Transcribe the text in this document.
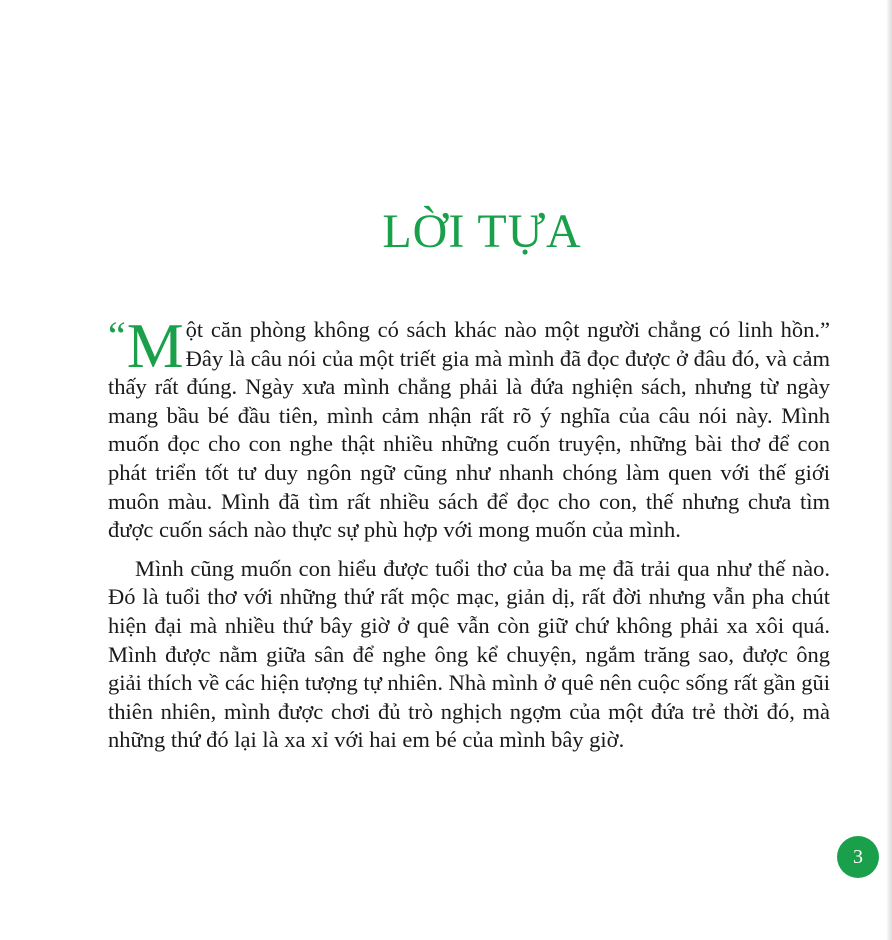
LỜI TỰA

“M ột căn phòng không có sách khác nào một người chẳng có linh hồn.” Đây là câu nói của một triết gia mà mình đã đọc được ở đâu đó, và cảm thấy rất đúng. Ngày xưa mình chẳng phải là đứa nghiện sách, nhưng từ ngày mang bầu bé đầu tiên, mình cảm nhận rất rõ ý nghĩa của câu nói này. Mình muốn đọc cho con nghe thật nhiều những cuốn truyện, những bài thơ để con phát triển tốt tư duy ngôn ngữ cũng như nhanh chóng làm quen với thế giới muôn màu. Mình đã tìm rất nhiều sách để đọc cho con, thế nhưng chưa tìm được cuốn sách nào thực sự phù hợp với mong muốn của mình.

Mình cũng muốn con hiểu được tuổi thơ của ba mẹ đã trải qua như thế nào. Đó là tuổi thơ với những thứ rất mộc mạc, giản dị, rất đời nhưng vẫn pha chút hiện đại mà nhiều thứ bây giờ ở quê vẫn còn giữ chứ không phải xa xôi quá. Mình được nằm giữa sân để nghe ông kể chuyện, ngắm trăng sao, được ông giải thích về các hiện tượng tự nhiên. Nhà mình ở quê nên cuộc sống rất gần gũi thiên nhiên, mình được chơi đủ trò nghịch ngợm của một đứa trẻ thời đó, mà những thứ đó lại là xa xỉ với hai em bé của mình bây giờ.

3
